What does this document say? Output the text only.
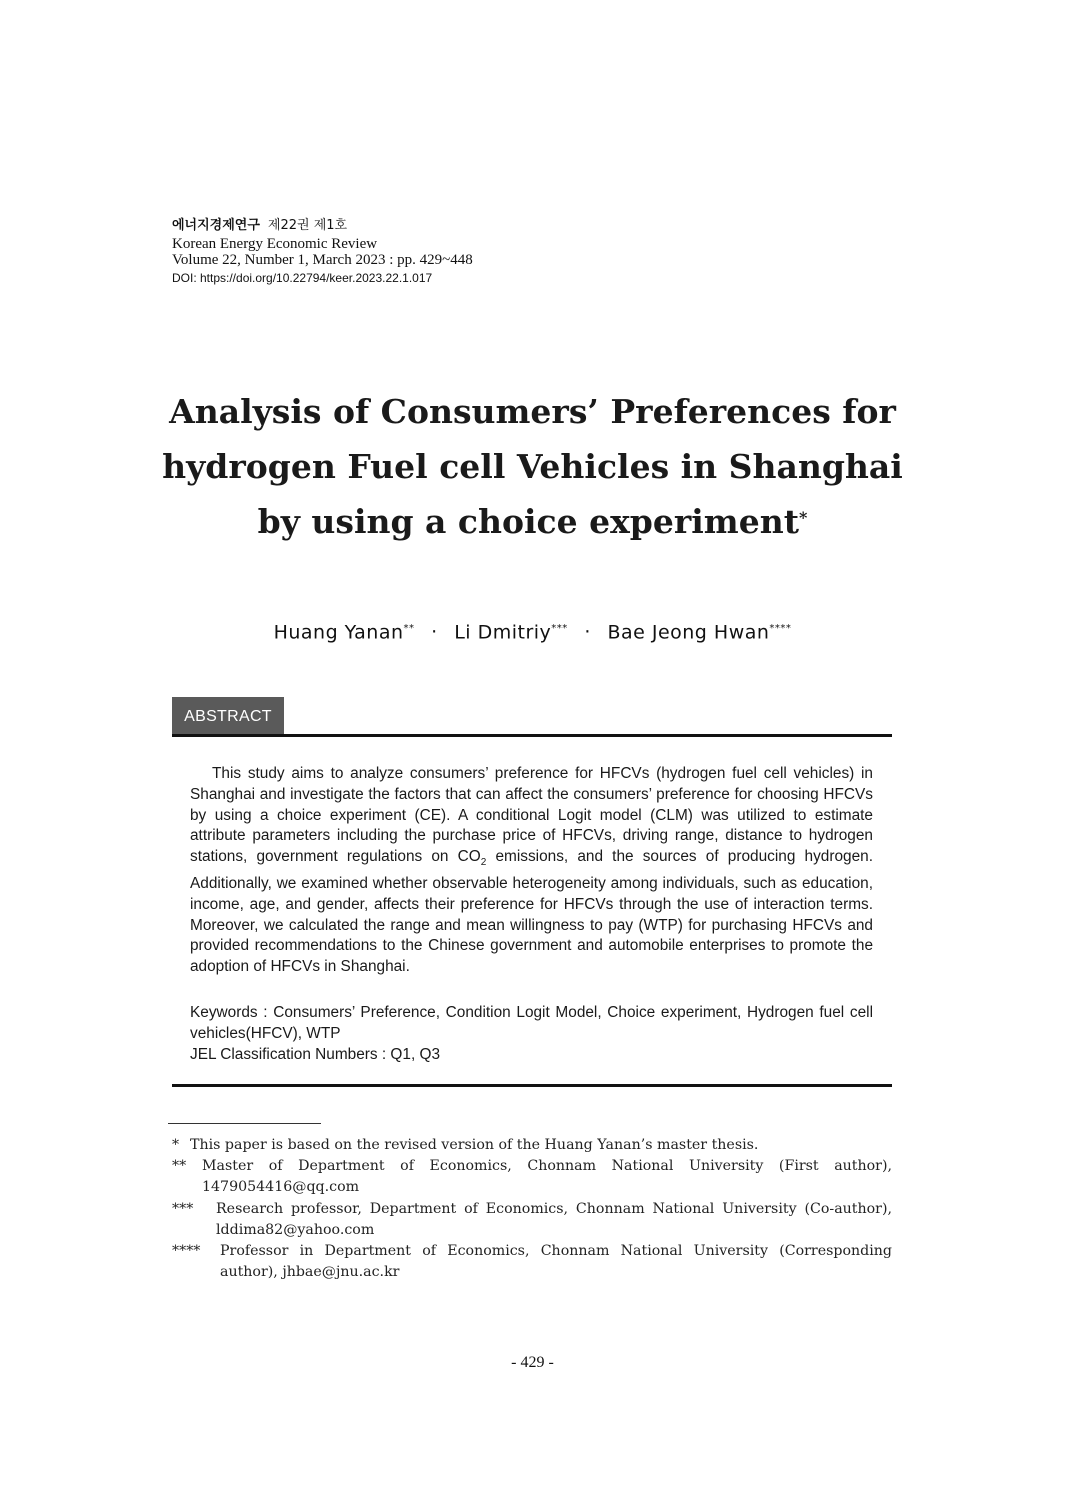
에너지경제연구 제22권 제1호
Korean Energy Economic Review
Volume 22, Number 1, March 2023 : pp. 429~448
DOI: https://doi.org/10.22794/keer.2023.22.1.017
Analysis of Consumers’ Preferences for
hydrogen Fuel cell Vehicles in Shanghai
by using a choice experiment*
Huang Yanan** · Li Dmitriy*** · Bae Jeong Hwan****
ABSTRACT
This study aims to analyze consumers’ preference for HFCVs (hydrogen fuel cell vehicles) in Shanghai and investigate the factors that can affect the consumers’ preference for choosing HFCVs by using a choice experiment (CE). A conditional Logit model (CLM) was utilized to estimate attribute parameters including the purchase price of HFCVs, driving range, distance to hydrogen stations, government regulations on $CO_2$ emissions, and the sources of producing hydrogen. Additionally, we examined whether observable heterogeneity among individuals, such as education, income, age, and gender, affects their preference for HFCVs through the use of interaction terms. Moreover, we calculated the range and mean willingness to pay (WTP) for purchasing HFCVs and provided recommendations to the Chinese government and automobile enterprises to promote the adoption of HFCVs in Shanghai.
Keywords : Consumers’ Preference, Condition Logit Model, Choice experiment, Hydrogen fuel cell vehicles(HFCV), WTP
JEL Classification Numbers : Q1, Q3
* This paper is based on the revised version of the Huang Yanan’s master thesis.
** Master of Department of Economics, Chonnam National University (First author), 1479054416@qq.com
*** Research professor, Department of Economics, Chonnam National University (Co-author), lddima82@yahoo.com
**** Professor in Department of Economics, Chonnam National University (Corresponding author), jhbae@jnu.ac.kr
- 429 -
